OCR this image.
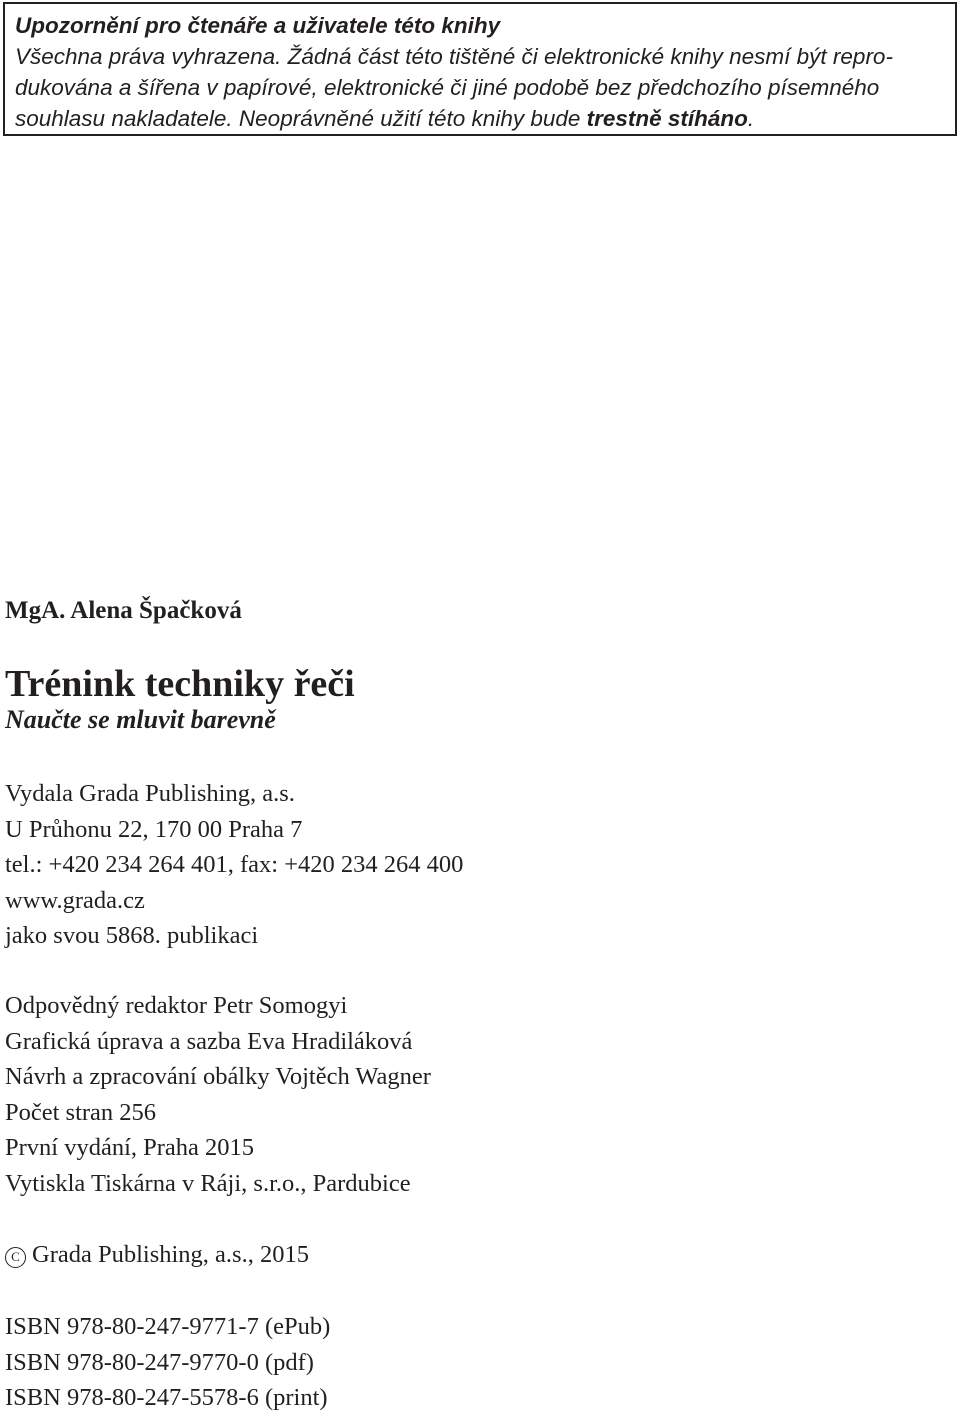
Upozornění pro čtenáře a uživatele této knihy
Všechna práva vyhrazena. Žádná část této tištěné či elektronické knihy nesmí být repro-
dukována a šířena v papírové, elektronické či jiné podobě bez předchozího písemného
souhlasu nakladatele. Neoprávněné užití této knihy bude trestně stíháno.
MgA. Alena Špačková
Trénink techniky řeči
Naučte se mluvit barevně
Vydala Grada Publishing, a.s.
U Průhonu 22, 170 00 Praha 7
tel.: +420 234 264 401, fax: +420 234 264 400
www.grada.cz
jako svou 5868. publikaci
Odpovědný redaktor Petr Somogyi
Grafická úprava a sazba Eva Hradiláková
Návrh a zpracování obálky Vojtěch Wagner
Počet stran 256
První vydání, Praha 2015
Vytiskla Tiskárna v Ráji, s.r.o., Pardubice
C Grada Publishing, a.s., 2015
ISBN 978-80-247-9771-7 (ePub)
ISBN 978-80-247-9770-0 (pdf)
ISBN 978-80-247-5578-6 (print)
